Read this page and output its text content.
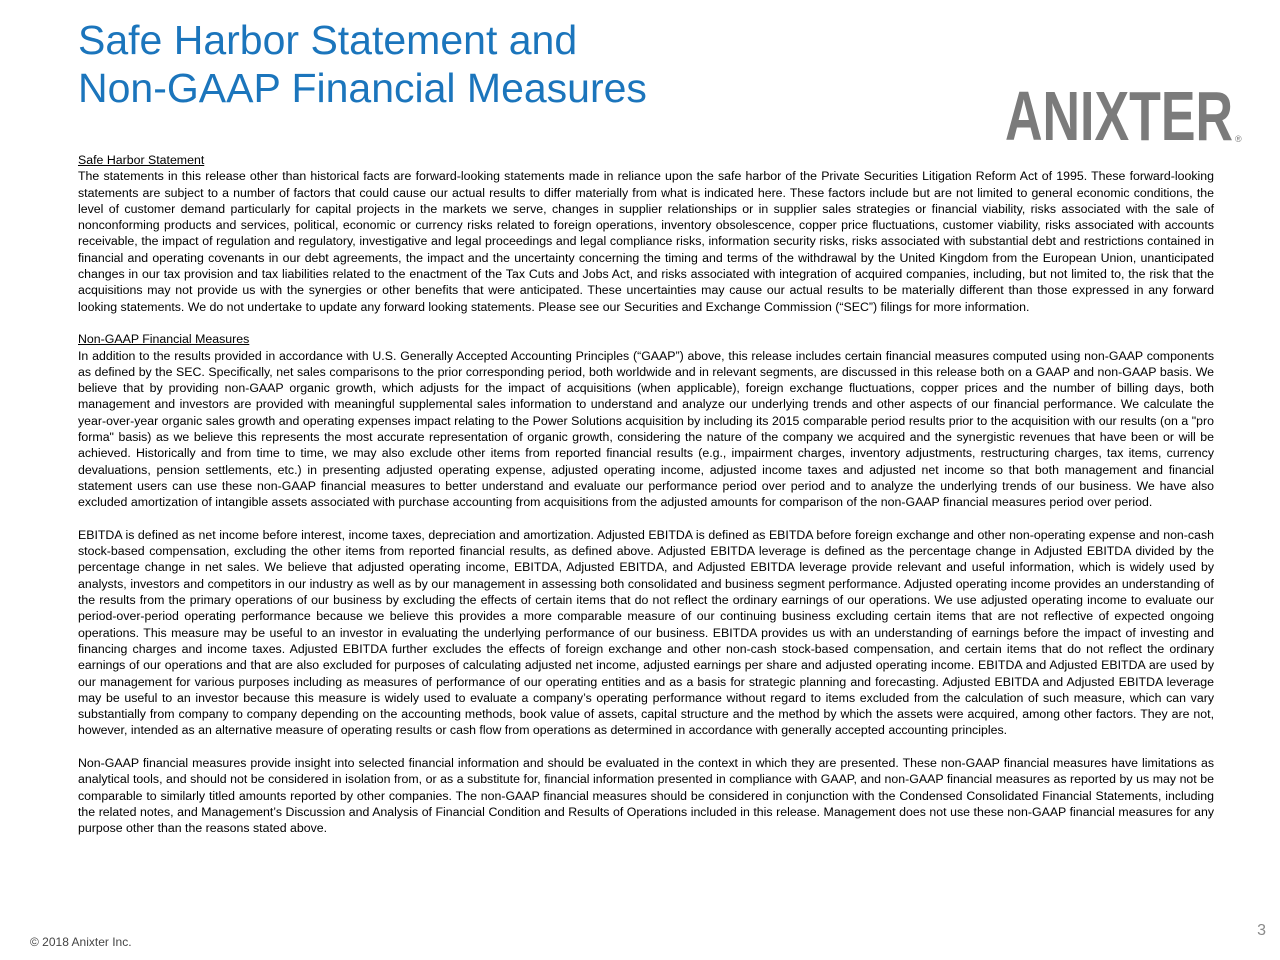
Safe Harbor Statement and
Non-GAAP Financial Measures	ANIXTER ®
Safe Harbor Statement

The statements in this release other than historical facts are forward-looking statements made in reliance upon the safe harbor of the Private Securities Litigation Reform Act of 1995. These forward-looking statements are subject to a number of factors that could cause our actual results to differ materially from what is indicated here. These factors include but are not limited to general economic conditions, the level of customer demand particularly for capital projects in the markets we serve, changes in supplier relationships or in supplier sales strategies or financial viability, risks associated with the sale of nonconforming products and services, political, economic or currency risks related to foreign operations, inventory obsolescence, copper price fluctuations, customer viability, risks associated with accounts receivable, the impact of regulation and regulatory, investigative and legal proceedings and legal compliance risks, information security risks, risks associated with substantial debt and restrictions contained in financial and operating covenants in our debt agreements, the impact and the uncertainty concerning the timing and terms of the withdrawal by the United Kingdom from the European Union, unanticipated changes in our tax provision and tax liabilities related to the enactment of the Tax Cuts and Jobs Act, and risks associated with integration of acquired companies, including, but not limited to, the risk that the acquisitions may not provide us with the synergies or other benefits that were anticipated. These uncertainties may cause our actual results to be materially different than those expressed in any forward looking statements. We do not undertake to update any forward looking statements. Please see our Securities and Exchange Commission (“SEC”) filings for more information.

Non-GAAP Financial Measures

In addition to the results provided in accordance with U.S. Generally Accepted Accounting Principles (“GAAP”) above, this release includes certain financial measures computed using non-GAAP components as defined by the SEC. Specifically, net sales comparisons to the prior corresponding period, both worldwide and in relevant segments, are discussed in this release both on a GAAP and non-GAAP basis. We believe that by providing non-GAAP organic growth, which adjusts for the impact of acquisitions (when applicable), foreign exchange fluctuations, copper prices and the number of billing days, both management and investors are provided with meaningful supplemental sales information to understand and analyze our underlying trends and other aspects of our financial performance. We calculate the year-over-year organic sales growth and operating expenses impact relating to the Power Solutions acquisition by including its 2015 comparable period results prior to the acquisition with our results (on a "pro forma" basis) as we believe this represents the most accurate representation of organic growth, considering the nature of the company we acquired and the synergistic revenues that have been or will be achieved. Historically and from time to time, we may also exclude other items from reported financial results (e.g., impairment charges, inventory adjustments, restructuring charges, tax items, currency devaluations, pension settlements, etc.) in presenting adjusted operating expense, adjusted operating income, adjusted income taxes and adjusted net income so that both management and financial statement users can use these non-GAAP financial measures to better understand and evaluate our performance period over period and to analyze the underlying trends of our business. We have also excluded amortization of intangible assets associated with purchase accounting from acquisitions from the adjusted amounts for comparison of the non-GAAP financial measures period over period.

EBITDA is defined as net income before interest, income taxes, depreciation and amortization. Adjusted EBITDA is defined as EBITDA before foreign exchange and other non-operating expense and non-cash stock-based compensation, excluding the other items from reported financial results, as defined above. Adjusted EBITDA leverage is defined as the percentage change in Adjusted EBITDA divided by the percentage change in net sales. We believe that adjusted operating income, EBITDA, Adjusted EBITDA, and Adjusted EBITDA leverage provide relevant and useful information, which is widely used by analysts, investors and competitors in our industry as well as by our management in assessing both consolidated and business segment performance. Adjusted operating income provides an understanding of the results from the primary operations of our business by excluding the effects of certain items that do not reflect the ordinary earnings of our operations. We use adjusted operating income to evaluate our period-over-period operating performance because we believe this provides a more comparable measure of our continuing business excluding certain items that are not reflective of expected ongoing operations. This measure may be useful to an investor in evaluating the underlying performance of our business. EBITDA provides us with an understanding of earnings before the impact of investing and financing charges and income taxes. Adjusted EBITDA further excludes the effects of foreign exchange and other non-cash stock-based compensation, and certain items that do not reflect the ordinary earnings of our operations and that are also excluded for purposes of calculating adjusted net income, adjusted earnings per share and adjusted operating income. EBITDA and Adjusted EBITDA are used by our management for various purposes including as measures of performance of our operating entities and as a basis for strategic planning and forecasting. Adjusted EBITDA and Adjusted EBITDA leverage may be useful to an investor because this measure is widely used to evaluate a company’s operating performance without regard to items excluded from the calculation of such measure, which can vary substantially from company to company depending on the accounting methods, book value of assets, capital structure and the method by which the assets were acquired, among other factors. They are not, however, intended as an alternative measure of operating results or cash flow from operations as determined in accordance with generally accepted accounting principles.

Non-GAAP financial measures provide insight into selected financial information and should be evaluated in the context in which they are presented. These non-GAAP financial measures have limitations as analytical tools, and should not be considered in isolation from, or as a substitute for, financial information presented in compliance with GAAP, and non-GAAP financial measures as reported by us may not be comparable to similarly titled amounts reported by other companies. The non-GAAP financial measures should be considered in conjunction with the Condensed Consolidated Financial Statements, including the related notes, and Management’s Discussion and Analysis of Financial Condition and Results of Operations included in this release. Management does not use these non-GAAP financial measures for any purpose other than the reasons stated above.

© 2018 Anixter Inc.
3
